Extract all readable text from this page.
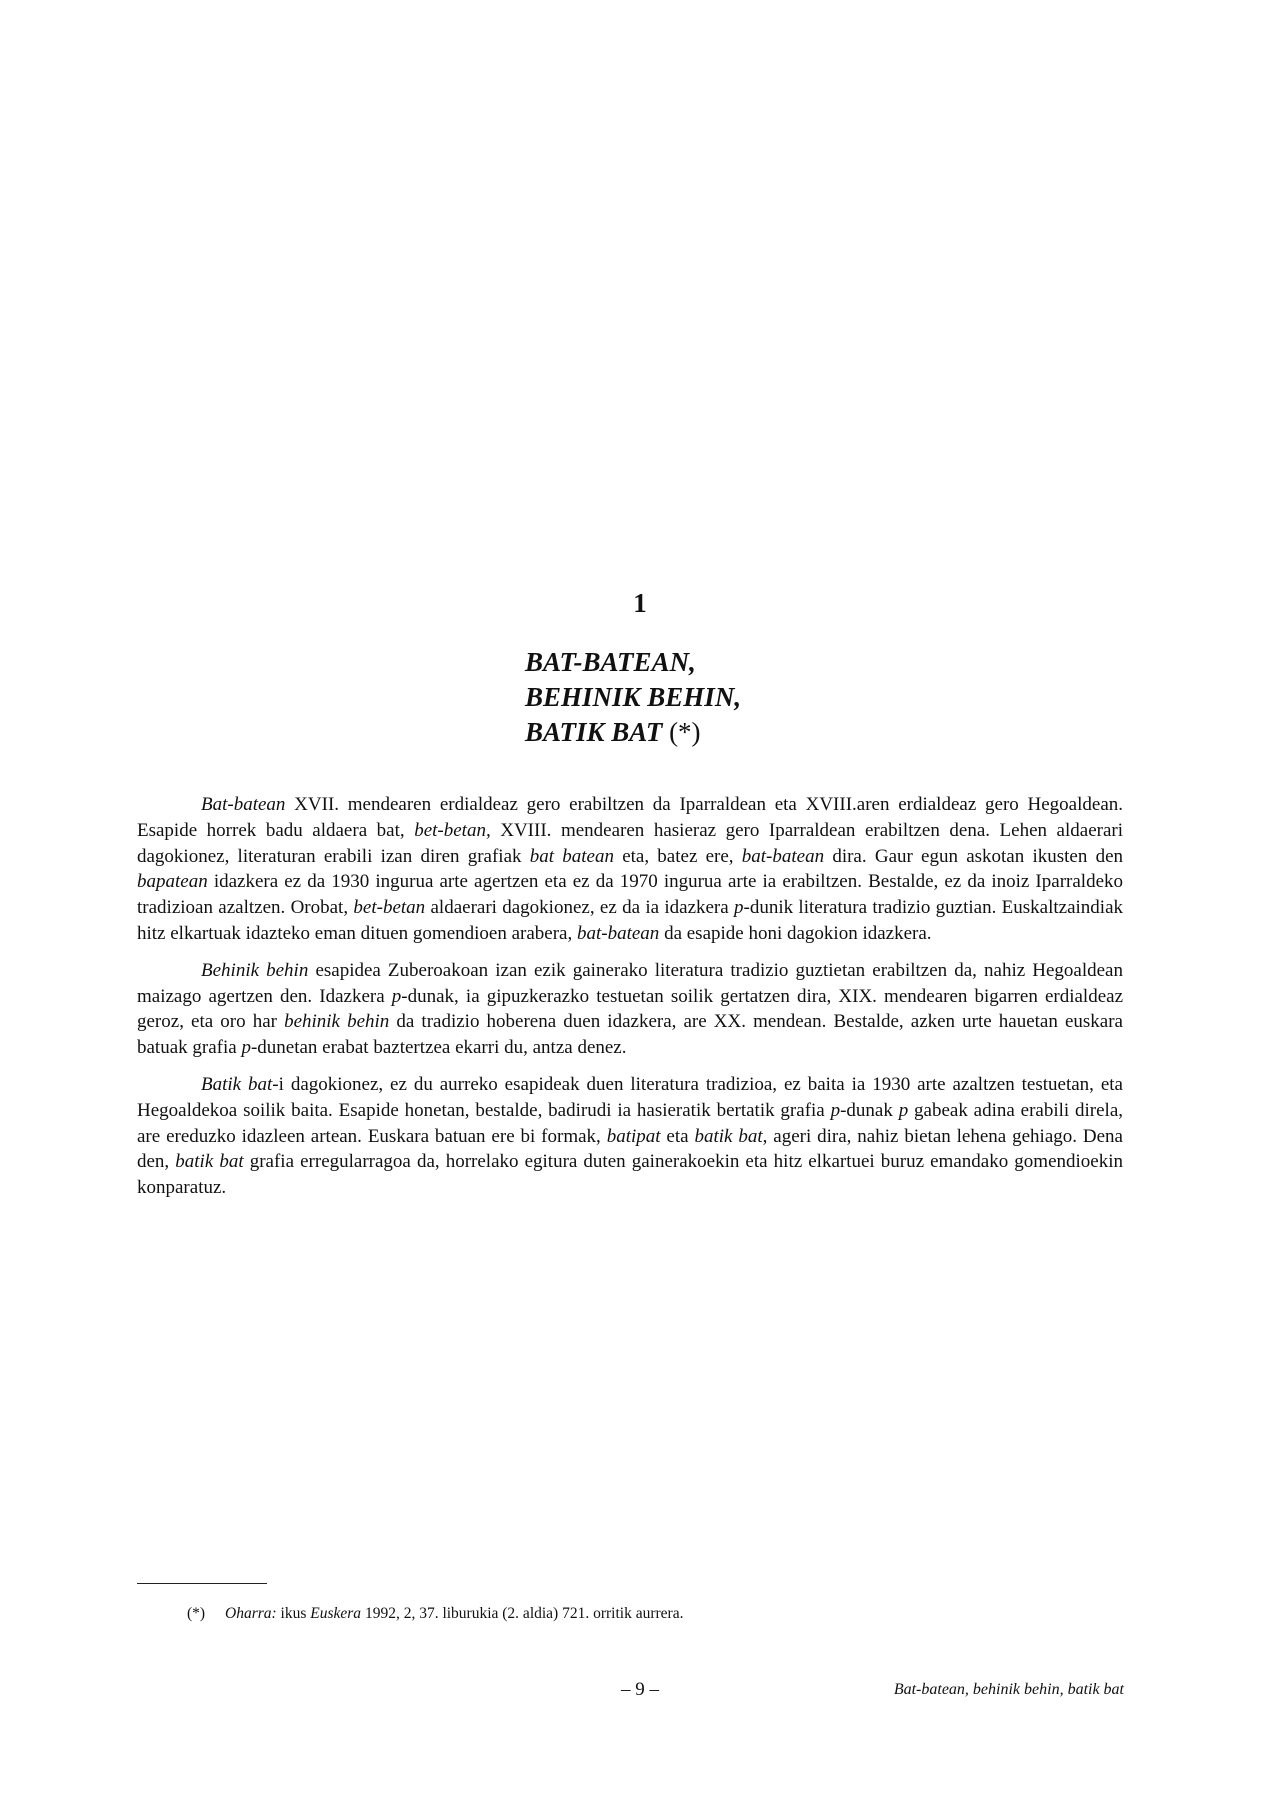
1
BAT-BATEAN,
BEHINIK BEHIN,
BATIK BAT (*)

Bat-batean XVII. mendearen erdialdeaz gero erabiltzen da Iparraldean eta XVIII.aren erdialdeaz gero Hegoaldean. Esapide horrek badu aldaera bat, bet-betan, XVIII. mendearen hasieraz gero Iparraldean erabiltzen dena. Lehen aldaerari dagokionez, literaturan erabili izan diren grafiak bat batean eta, batez ere, bat-batean dira. Gaur egun askotan ikusten den bapatean idazkera ez da 1930 ingurua arte agertzen eta ez da 1970 ingurua arte ia erabiltzen. Bestalde, ez da inoiz Iparraldeko tradizioan azaltzen. Orobat, bet-betan aldaerari dagokionez, ez da ia idazkera p-dunik literatura tradizio guztian. Euskaltzaindiak hitz elkartuak idazteko eman dituen gomendioen arabera, bat-batean da esapide honi dagokion idazkera.

Behinik behin esapidea Zuberoakoan izan ezik gainerako literatura tradizio guztietan erabiltzen da, nahiz Hegoaldean maizago agertzen den. Idazkera p-dunak, ia gipuzkerazko testuetan soilik gertatzen dira, XIX. mendearen bigarren erdialdeaz geroz, eta oro har behinik behin da tradizio hoberena duen idazkera, are XX. mendean. Bestalde, azken urte hauetan euskara batuak grafia p-dunetan erabat baztertzea ekarri du, antza denez.

Batik bat-i dagokionez, ez du aurreko esapideak duen literatura tradizioa, ez baita ia 1930 arte azaltzen testuetan, eta Hegoaldekoa soilik baita. Esapide honetan, bestalde, badirudi ia hasieratik bertatik grafia p-dunak p gabeak adina erabili direla, are ereduzko idazleen artean. Euskara batuan ere bi formak, batipat eta batik bat, ageri dira, nahiz bietan lehena gehiago. Dena den, batik bat grafia erregularragoa da, horrelako egitura duten gainerakoekin eta hitz elkartuei buruz emandako gomendioekin konparatuz.

(*) Oharra: ikus Euskera 1992, 2, 37. liburukia (2. aldia) 721. orritik aurrera.
– 9 –	Bat-batean, behinik behin, batik bat
